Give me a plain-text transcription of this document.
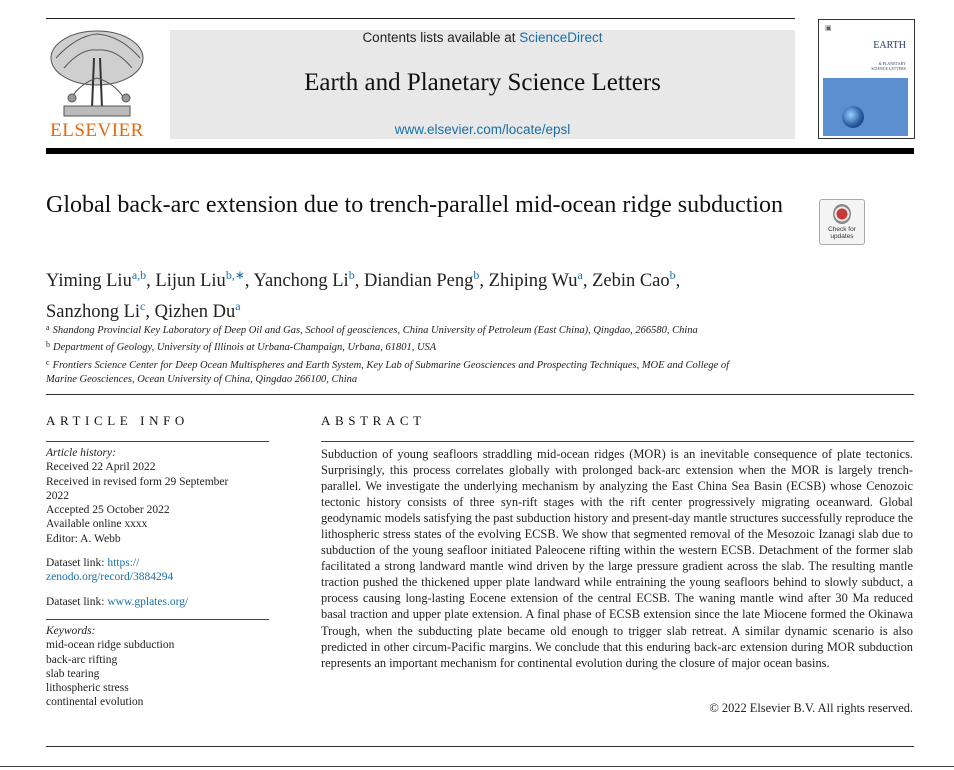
ELSEVIER
Contents lists available at ScienceDirect
Earth and Planetary Science Letters
www.elsevier.com/locate/epsl
▣
EARTH
& PLANETARY
SCIENCE LETTERS
Global back-arc extension due to trench-parallel mid-ocean ridge subduction
Check for
updates
Yiming Liu$^{a,b}$, Lijun Liu$^{b,∗}$, Yanchong Li$^b$, Diandian Peng$^b$, Zhiping Wu$^a$, Zebin Cao$^b$,
Sanzhong Li$^c$, Qizhen Du$^a$
$^a$ Shandong Provincial Key Laboratory of Deep Oil and Gas, School of geosciences, China University of Petroleum (East China), Qingdao, 266580, China
$^b$ Department of Geology, University of Illinois at Urbana-Champaign, Urbana, 61801, USA
$^c$ Frontiers Science Center for Deep Ocean Multispheres and Earth System, Key Lab of Submarine Geosciences and Prospecting Techniques, MOE and College of
Marine Geosciences, Ocean University of China, Qingdao 266100, China
ARTICLE INFO
Article history:
Received 22 April 2022
Received in revised form 29 September
2022
Accepted 25 October 2022
Available online xxxx
Editor: A. Webb
Dataset link: https://
zenodo.org/record/3884294
Dataset link: www.gplates.org/
Keywords:
mid-ocean ridge subduction
back-arc rifting
slab tearing
lithospheric stress
continental evolution
ABSTRACT

Subduction of young seafloors straddling mid-ocean ridges (MOR) is an inevitable consequence of plate tectonics. Surprisingly, this process correlates globally with prolonged back-arc extension when the MOR is largely trench-parallel. We investigate the underlying mechanism by analyzing the East China Sea Basin (ECSB) whose Cenozoic tectonic history consists of three syn-rift stages with the rift center progressively migrating oceanward. Global geodynamic models satisfying the past subduction history and present-day mantle structures successfully reproduce the lithospheric stress states of the evolving ECSB. We show that segmented removal of the Mesozoic Izanagi slab due to subduction of the young seafloor initiated Paleocene rifting within the western ECSB. Detachment of the former slab facilitated a strong landward mantle wind driven by the large pressure gradient across the slab. The resulting mantle traction pushed the thickened upper plate landward while entraining the young seafloors behind to slowly subduct, a process causing long-lasting Eocene extension of the central ECSB. The waning mantle wind after 30 Ma reduced basal traction and upper plate extension. A final phase of ECSB extension since the late Miocene formed the Okinawa Trough, when the subducting plate became old enough to trigger slab retreat. A similar dynamic scenario is also predicted in other circum-Pacific margins. We conclude that this enduring back-arc extension during MOR subduction represents an important mechanism for continental evolution during the closure of major ocean basins.

© 2022 Elsevier B.V. All rights reserved.
